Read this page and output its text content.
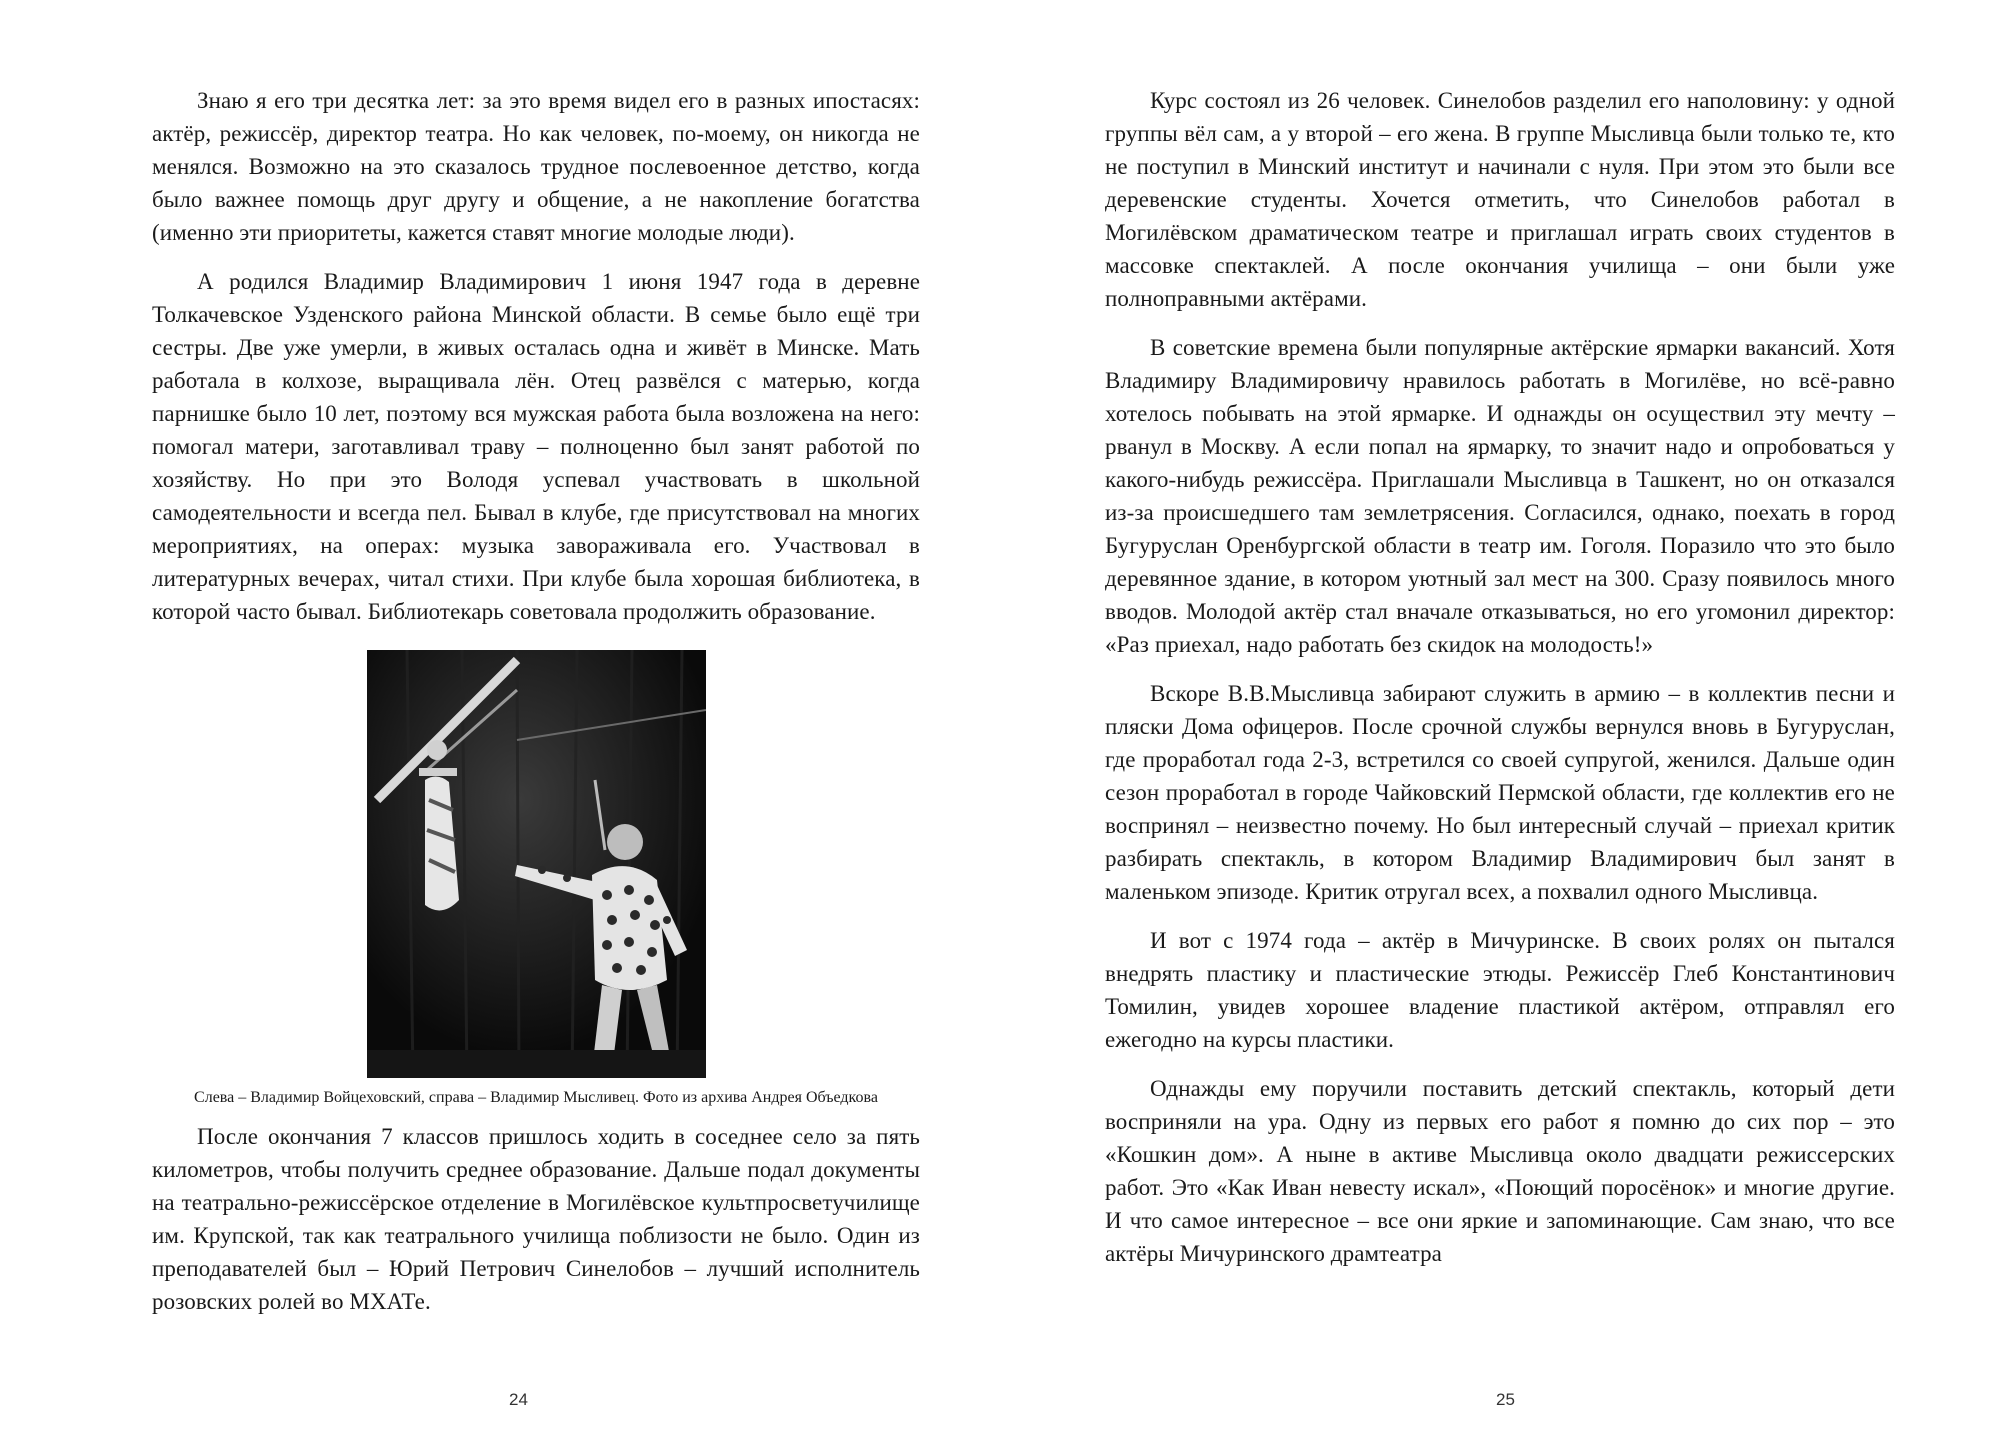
Знаю я его три десятка лет: за это время видел его в разных ипостасях: актёр, режиссёр, директор театра. Но как человек, по-моему, он никогда не менялся. Возможно на это сказалось трудное послевоенное детство, когда было важнее помощь друг другу и общение, а не накопление богатства (именно эти приоритеты, кажется ставят многие молодые люди).

А родился Владимир Владимирович 1 июня 1947 года в деревне Толкачевское Узденского района Минской области. В семье было ещё три сестры. Две уже умерли, в живых осталась одна и живёт в Минске. Мать работала в колхозе, выращивала лён. Отец развёлся с матерью, когда парнишке было 10 лет, поэтому вся мужская работа была возложена на него: помогал матери, заготавливал траву – полноценно был занят работой по хозяйству. Но при это Володя успевал участвовать в школьной самодеятельности и всегда пел. Бывал в клубе, где присутствовал на многих мероприятиях, на операх: музыка завораживала его. Участвовал в литературных вечерах, читал стихи. При клубе была хорошая библиотека, в которой часто бывал. Библиотекарь советовала продолжить образование.

Слева – Владимир Войцеховский, справа – Владимир Мысливец. Фото из архива Андрея Объедкова

После окончания 7 классов пришлось ходить в соседнее село за пять километров, чтобы получить среднее образование. Дальше подал документы на театрально-режиссёрское отделение в Могилёвское культпросветучилище им. Крупской, так как театрального училища поблизости не было. Один из преподавателей был – Юрий Петрович Синелобов – лучший исполнитель розовских ролей во МХАТе.

24

Курс состоял из 26 человек. Синелобов разделил его наполовину: у одной группы вёл сам, а у второй – его жена. В группе Мысливца были только те, кто не поступил в Минский институт и начинали с нуля. При этом это были все деревенские студенты. Хочется отметить, что Синелобов работал в Могилёвском драматическом театре и приглашал играть своих студентов в массовке спектаклей. А после окончания училища – они были уже полноправными актёрами.

В советские времена были популярные актёрские ярмарки вакансий. Хотя Владимиру Владимировичу нравилось работать в Могилёве, но всё-равно хотелось побывать на этой ярмарке. И однажды он осуществил эту мечту – рванул в Москву. А если попал на ярмарку, то значит надо и опробоваться у какого-нибудь режиссёра. Приглашали Мысливца в Ташкент, но он отказался из-за происшедшего там землетрясения. Согласился, однако, поехать в город Бугуруслан Оренбургской области в театр им. Гоголя. Поразило что это было деревянное здание, в котором уютный зал мест на 300. Сразу появилось много вводов. Молодой актёр стал вначале отказываться, но его угомонил директор: «Раз приехал, надо работать без скидок на молодость!»

Вскоре В.В.Мысливца забирают служить в армию – в коллектив песни и пляски Дома офицеров. После срочной службы вернулся вновь в Бугуруслан, где проработал года 2-3, встретился со своей супругой, женился. Дальше один сезон проработал в городе Чайковский Пермской области, где коллектив его не воспринял – неизвестно почему. Но был интересный случай – приехал критик разбирать спектакль, в котором Владимир Владимирович был занят в маленьком эпизоде. Критик отругал всех, а похвалил одного Мысливца.

И вот с 1974 года – актёр в Мичуринске. В своих ролях он пытался внедрять пластику и пластические этюды. Режиссёр Глеб Константинович Томилин, увидев хорошее владение пластикой актёром, отправлял его ежегодно на курсы пластики.

Однажды ему поручили поставить детский спектакль, который дети восприняли на ура. Одну из первых его работ я помню до сих пор – это «Кошкин дом». А ныне в активе Мысливца около двадцати режиссерских работ. Это «Как Иван невесту искал», «Поющий поросёнок» и многие другие. И что самое интересное – все они яркие и запоминающие. Сам знаю, что все актёры Мичуринского драмтеатра

25
